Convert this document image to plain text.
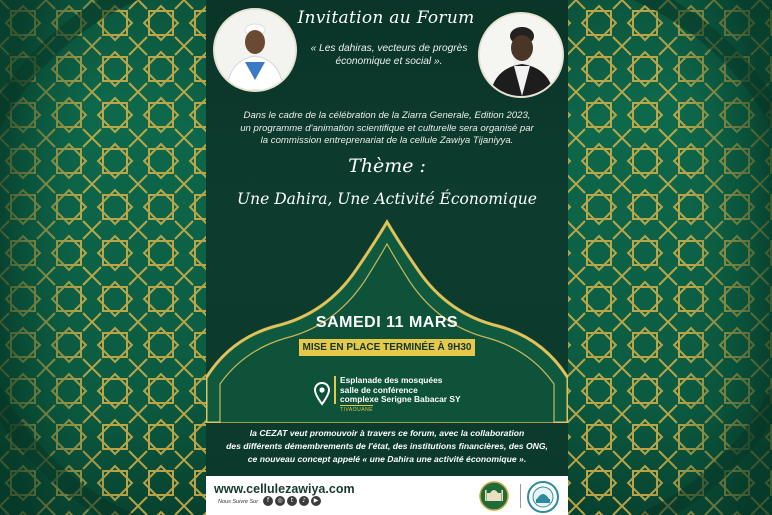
Invitation au Forum
« Les dahiras, vecteurs de progrès
économique et social ».
Dans le cadre de la célébration de la Ziarra Generale, Edition 2023,
un programme d'animation scientifique et culturelle sera organisé par
la commission entreprenariat de la cellule Zawiya Tijaniyya.
Thème :
Une Dahira, Une Activité Économique
SAMEDI 11 MARS
MISE EN PLACE TERMINÉE À 9H30
Esplanade des mosquées
salle de conférence
complexe Serigne Babacar SY
TIVAOUANE
la CEZAT veut promouvoir à travers ce forum, avec la collaboration
des différents démembrements de l'état, des institutions financières, des ONG,
ce nouveau concept appelé « une Dahira une activité économique ».
www.cellulezawiya.com
Nous Suivre Sur	f	◎	t	♪	▶
